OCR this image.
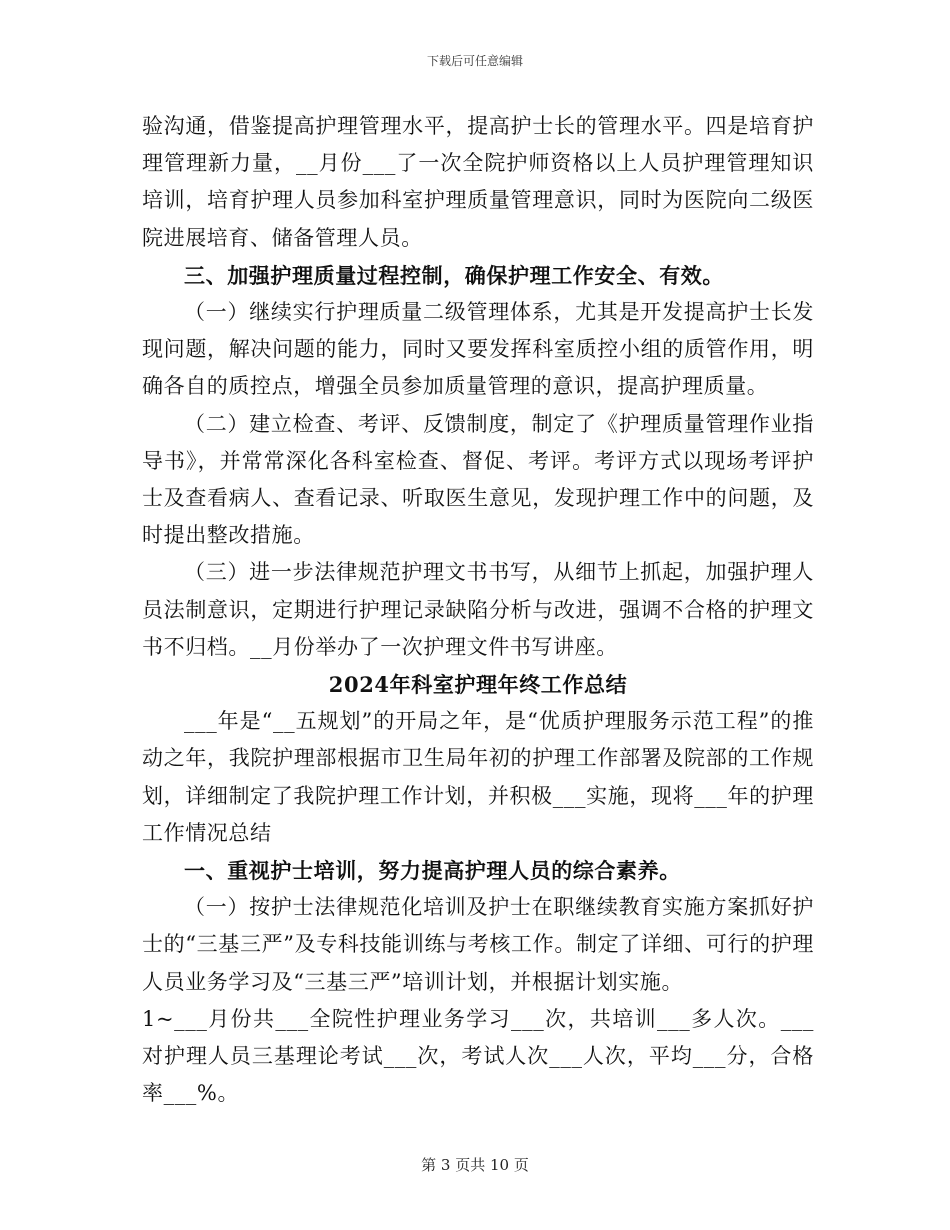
下载后可任意编辑

验沟通，借鉴提高护理管理水平，提高护士长的管理水平。四是培育护理管理新力量，__月份___了一次全院护师资格以上人员护理管理知识培训，培育护理人员参加科室护理质量管理意识，同时为医院向二级医院进展培育、储备管理人员。

三、加强护理质量过程控制，确保护理工作安全、有效。

（一）继续实行护理质量二级管理体系，尤其是开发提高护士长发现问题，解决问题的能力，同时又要发挥科室质控小组的质管作用，明确各自的质控点，增强全员参加质量管理的意识，提高护理质量。

（二）建立检查、考评、反馈制度，制定了《护理质量管理作业指导书》，并常常深化各科室检查、督促、考评。考评方式以现场考评护士及查看病人、查看记录、听取医生意见，发现护理工作中的问题，及时提出整改措施。

（三）进一步法律规范护理文书书写，从细节上抓起，加强护理人员法制意识，定期进行护理记录缺陷分析与改进，强调不合格的护理文书不归档。__月份举办了一次护理文件书写讲座。

2024年科室护理年终工作总结

___年是“__五规划”的开局之年，是“优质护理服务示范工程”的推动之年，我院护理部根据市卫生局年初的护理工作部署及院部的工作规划，详细制定了我院护理工作计划，并积极___实施，现将___年的护理工作情况总结

一、重视护士培训，努力提高护理人员的综合素养。

（一）按护士法律规范化培训及护士在职继续教育实施方案抓好护士的“三基三严”及专科技能训练与考核工作。制定了详细、可行的护理人员业务学习及“三基三严”培训计划，并根据计划实施。

1~___月份共___全院性护理业务学习___次，共培训___多人次。___对护理人员三基理论考试___次，考试人次___人次，平均___分，合格率___%。

第 3 页共 10 页
